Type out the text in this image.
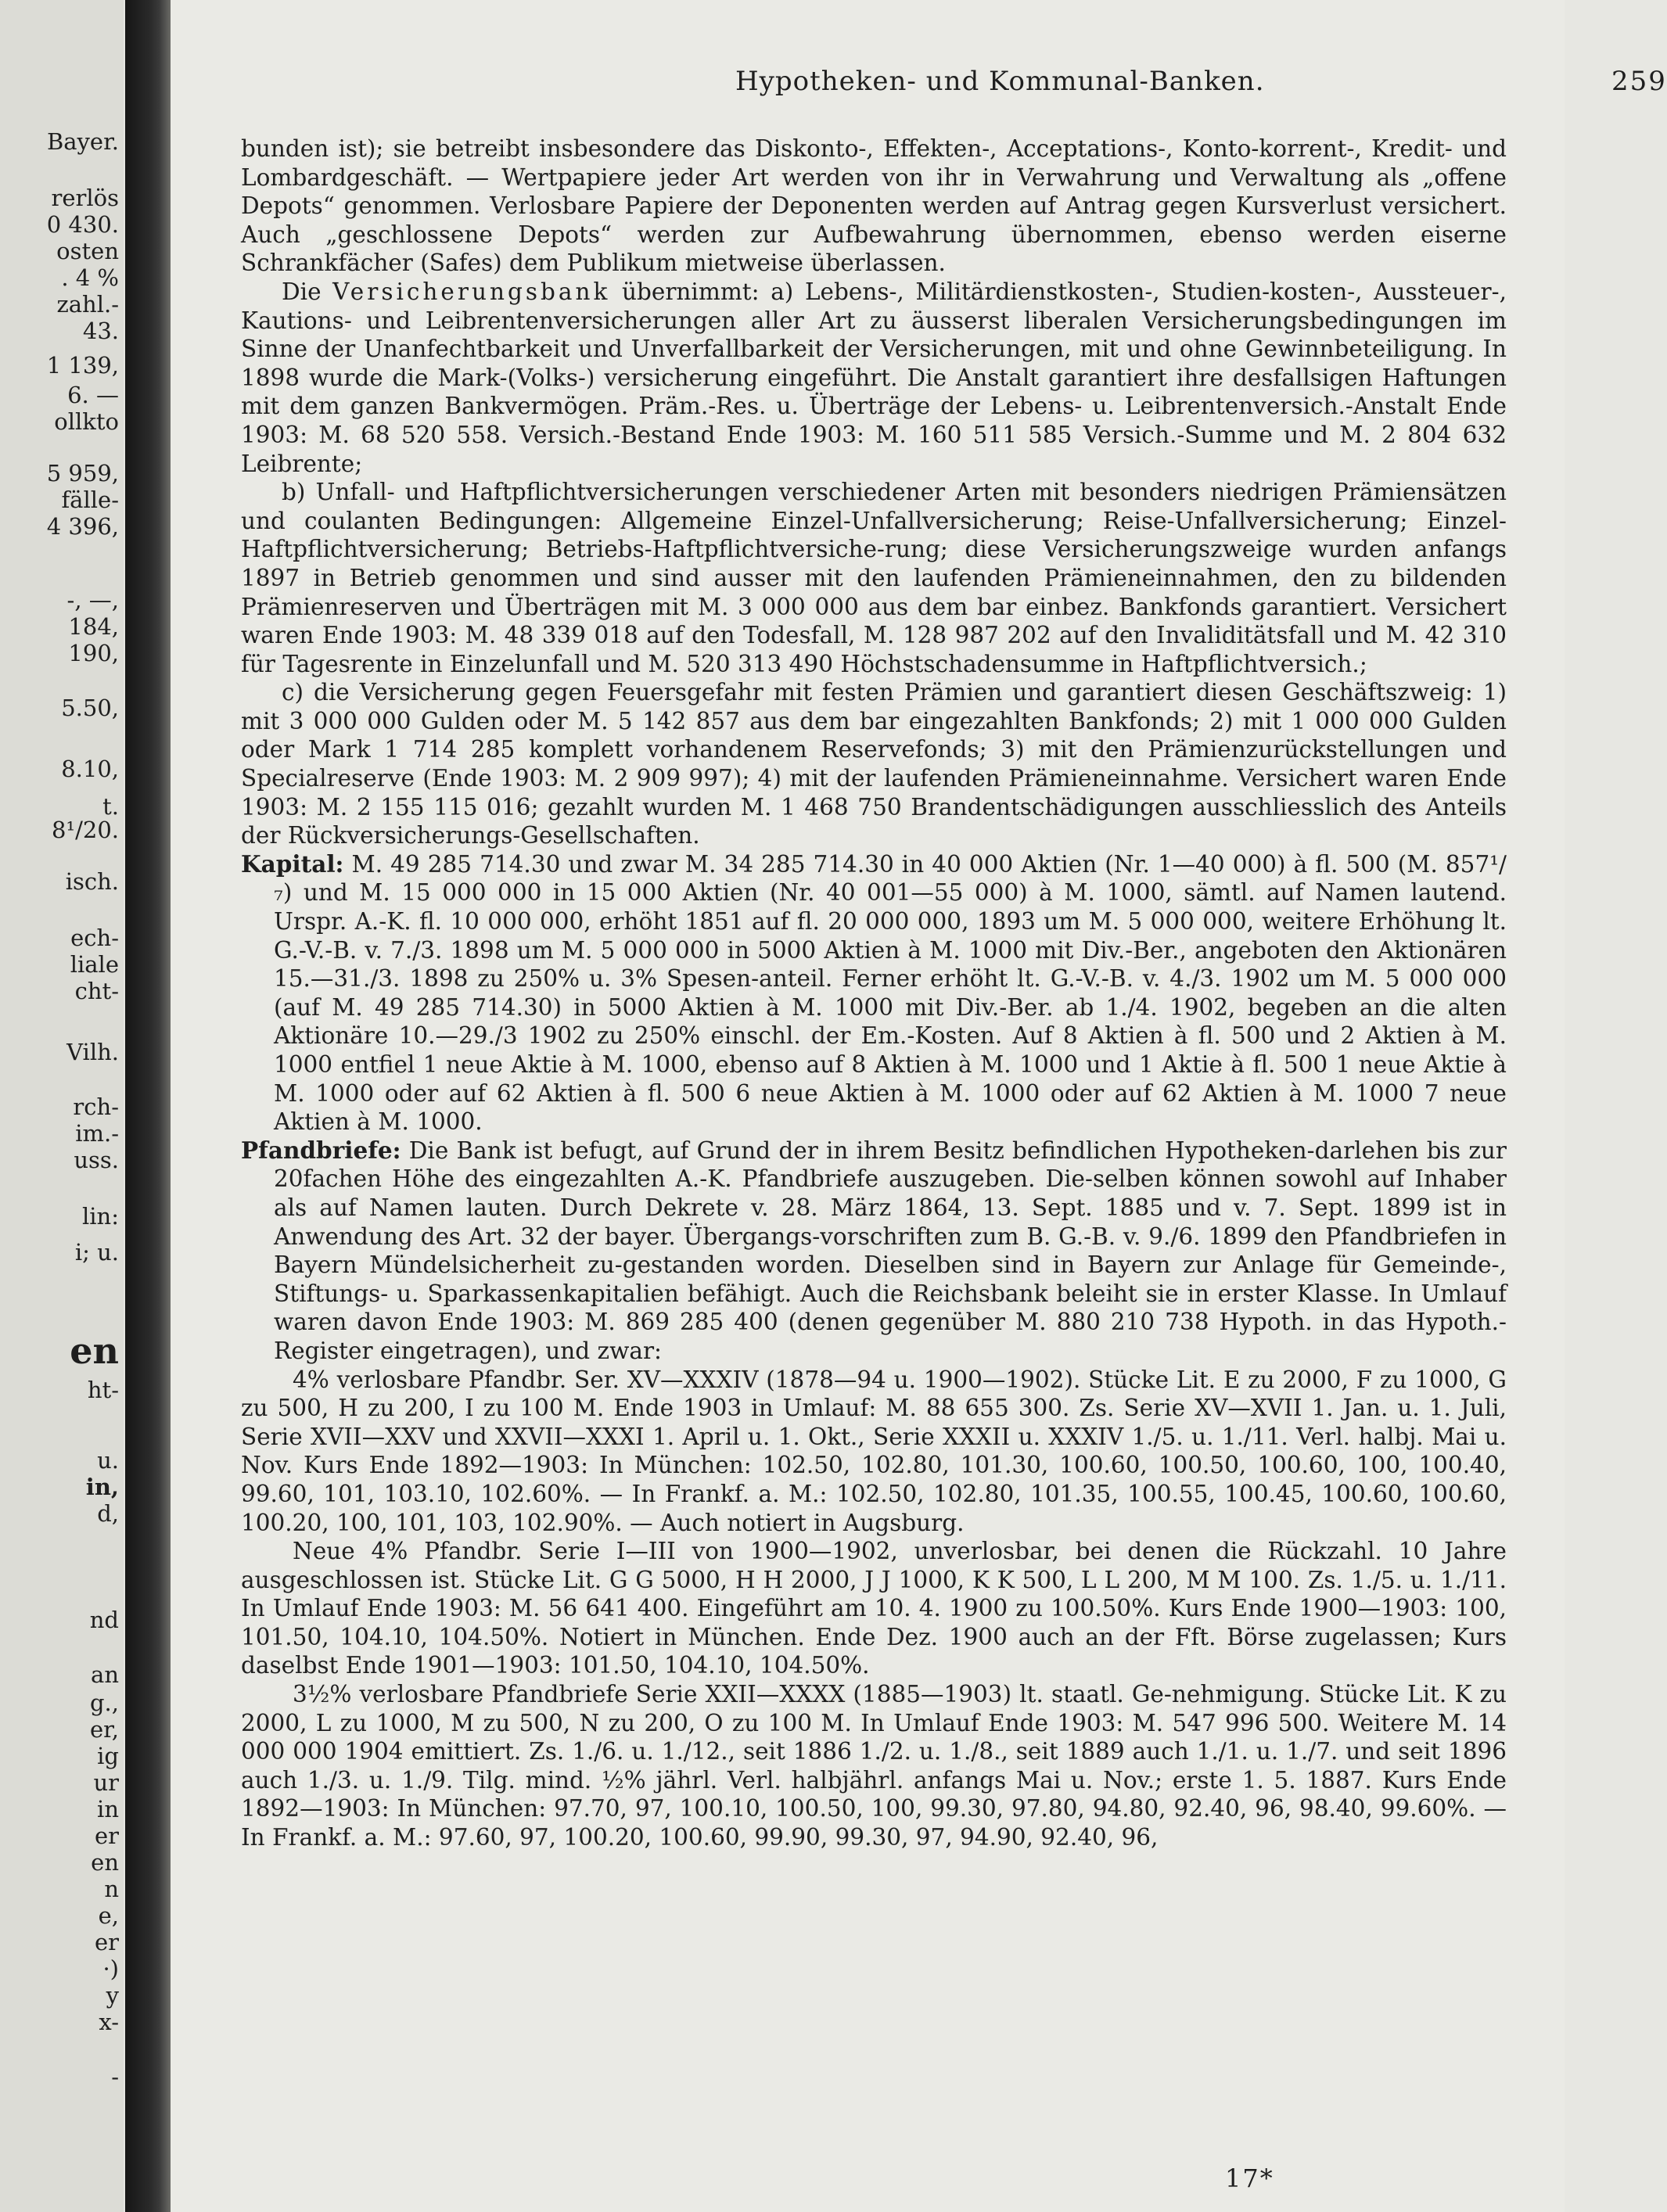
Bayer.
rerlös
0 430.
osten
. 4 %
zahl.-
43.
1 139,
6. —
ollkto
5 959,
fälle-
4 396,
-, —,
184,
190,
5.50,
8.10,
t.
8¹/20.
isch.
ech-
liale
cht-
Vilh.
rch-
im.-
uss.
lin:
i; u.
en
ht-
u.
in,
d,
nd
an
g.,
er,
ig
ur
in
er
en
n
e,
er
·)
y
x-
-
Hypotheken- und Kommunal-Banken.	259

bunden ist); sie betreibt insbesondere das Diskonto-, Effekten-, Acceptations-, Konto-korrent-, Kredit- und Lombardgeschäft. — Wertpapiere jeder Art werden von ihr in Verwahrung und Verwaltung als „offene Depots“ genommen. Verlosbare Papiere der Deponenten werden auf Antrag gegen Kursverlust versichert. Auch „geschlossene Depots“ werden zur Aufbewahrung übernommen, ebenso werden eiserne Schrankfächer (Safes) dem Publikum mietweise überlassen.

Die Versicherungsbank übernimmt: a) Lebens-, Militärdienstkosten-, Studien-kosten-, Aussteuer-, Kautions- und Leibrentenversicherungen aller Art zu äusserst liberalen Versicherungsbedingungen im Sinne der Unanfechtbarkeit und Unverfallbarkeit der Versicherungen, mit und ohne Gewinnbeteiligung. In 1898 wurde die Mark-(Volks-) versicherung eingeführt. Die Anstalt garantiert ihre desfallsigen Haftungen mit dem ganzen Bankvermögen. Präm.-Res. u. Überträge der Lebens- u. Leibrentenversich.-Anstalt Ende 1903: M. 68 520 558. Versich.-Bestand Ende 1903: M. 160 511 585 Versich.-Summe und M. 2 804 632 Leibrente;

b) Unfall- und Haftpflichtversicherungen verschiedener Arten mit besonders niedrigen Prämiensätzen und coulanten Bedingungen: Allgemeine Einzel-Unfallversicherung; Reise-Unfallversicherung; Einzel-Haftpflichtversicherung; Betriebs-Haftpflichtversiche-rung; diese Versicherungszweige wurden anfangs 1897 in Betrieb genommen und sind ausser mit den laufenden Prämieneinnahmen, den zu bildenden Prämienreserven und Überträgen mit M. 3 000 000 aus dem bar einbez. Bankfonds garantiert. Versichert waren Ende 1903: M. 48 339 018 auf den Todesfall, M. 128 987 202 auf den Invaliditätsfall und M. 42 310 für Tagesrente in Einzelunfall und M. 520 313 490 Höchstschadensumme in Haftpflichtversich.;

c) die Versicherung gegen Feuersgefahr mit festen Prämien und garantiert diesen Geschäftszweig: 1) mit 3 000 000 Gulden oder M. 5 142 857 aus dem bar eingezahlten Bankfonds; 2) mit 1 000 000 Gulden oder Mark 1 714 285 komplett vorhandenem Reservefonds; 3) mit den Prämienzurückstellungen und Specialreserve (Ende 1903: M. 2 909 997); 4) mit der laufenden Prämieneinnahme. Versichert waren Ende 1903: M. 2 155 115 016; gezahlt wurden M. 1 468 750 Brandentschädigungen ausschliesslich des Anteils der Rückversicherungs-Gesellschaften.

Kapital: M. 49 285 714.30 und zwar M. 34 285 714.30 in 40 000 Aktien (Nr. 1—40 000) à fl. 500 (M. 857¹/₇) und M. 15 000 000 in 15 000 Aktien (Nr. 40 001—55 000) à M. 1000, sämtl. auf Namen lautend. Urspr. A.-K. fl. 10 000 000, erhöht 1851 auf fl. 20 000 000, 1893 um M. 5 000 000, weitere Erhöhung lt. G.-V.-B. v. 7./3. 1898 um M. 5 000 000 in 5000 Aktien à M. 1000 mit Div.-Ber., angeboten den Aktionären 15.—31./3. 1898 zu 250% u. 3% Spesen-anteil. Ferner erhöht lt. G.-V.-B. v. 4./3. 1902 um M. 5 000 000 (auf M. 49 285 714.30) in 5000 Aktien à M. 1000 mit Div.-Ber. ab 1./4. 1902, begeben an die alten Aktionäre 10.—29./3 1902 zu 250% einschl. der Em.-Kosten. Auf 8 Aktien à fl. 500 und 2 Aktien à M. 1000 entfiel 1 neue Aktie à M. 1000, ebenso auf 8 Aktien à M. 1000 und 1 Aktie à fl. 500 1 neue Aktie à M. 1000 oder auf 62 Aktien à fl. 500 6 neue Aktien à M. 1000 oder auf 62 Aktien à M. 1000 7 neue Aktien à M. 1000.

Pfandbriefe: Die Bank ist befugt, auf Grund der in ihrem Besitz befindlichen Hypotheken-darlehen bis zur 20fachen Höhe des eingezahlten A.-K. Pfandbriefe auszugeben. Die-selben können sowohl auf Inhaber als auf Namen lauten. Durch Dekrete v. 28. März 1864, 13. Sept. 1885 und v. 7. Sept. 1899 ist in Anwendung des Art. 32 der bayer. Übergangs-vorschriften zum B. G.-B. v. 9./6. 1899 den Pfandbriefen in Bayern Mündelsicherheit zu-gestanden worden. Dieselben sind in Bayern zur Anlage für Gemeinde-, Stiftungs- u. Sparkassenkapitalien befähigt. Auch die Reichsbank beleiht sie in erster Klasse. In Umlauf waren davon Ende 1903: M. 869 285 400 (denen gegenüber M. 880 210 738 Hypoth. in das Hypoth.-Register eingetragen), und zwar:

4% verlosbare Pfandbr. Ser. XV—XXXIV (1878—94 u. 1900—1902). Stücke Lit. E zu 2000, F zu 1000, G zu 500, H zu 200, I zu 100 M. Ende 1903 in Umlauf: M. 88 655 300. Zs. Serie XV—XVII 1. Jan. u. 1. Juli, Serie XVII—XXV und XXVII—XXXI 1. April u. 1. Okt., Serie XXXII u. XXXIV 1./5. u. 1./11. Verl. halbj. Mai u. Nov. Kurs Ende 1892—1903: In München: 102.50, 102.80, 101.30, 100.60, 100.50, 100.60, 100, 100.40, 99.60, 101, 103.10, 102.60%. — In Frankf. a. M.: 102.50, 102.80, 101.35, 100.55, 100.45, 100.60, 100.60, 100.20, 100, 101, 103, 102.90%. — Auch notiert in Augsburg.

Neue 4% Pfandbr. Serie I—III von 1900—1902, unverlosbar, bei denen die Rückzahl. 10 Jahre ausgeschlossen ist. Stücke Lit. G G 5000, H H 2000, J J 1000, K K 500, L L 200, M M 100. Zs. 1./5. u. 1./11. In Umlauf Ende 1903: M. 56 641 400. Eingeführt am 10. 4. 1900 zu 100.50%. Kurs Ende 1900—1903: 100, 101.50, 104.10, 104.50%. Notiert in München. Ende Dez. 1900 auch an der Fft. Börse zugelassen; Kurs daselbst Ende 1901—1903: 101.50, 104.10, 104.50%.

3½% verlosbare Pfandbriefe Serie XXII—XXXX (1885—1903) lt. staatl. Ge-nehmigung. Stücke Lit. K zu 2000, L zu 1000, M zu 500, N zu 200, O zu 100 M. In Umlauf Ende 1903: M. 547 996 500. Weitere M. 14 000 000 1904 emittiert. Zs. 1./6. u. 1./12., seit 1886 1./2. u. 1./8., seit 1889 auch 1./1. u. 1./7. und seit 1896 auch 1./3. u. 1./9. Tilg. mind. ½% jährl. Verl. halbjährl. anfangs Mai u. Nov.; erste 1. 5. 1887. Kurs Ende 1892—1903: In München: 97.70, 97, 100.10, 100.50, 100, 99.30, 97.80, 94.80, 92.40, 96, 98.40, 99.60%. — In Frankf. a. M.: 97.60, 97, 100.20, 100.60, 99.90, 99.30, 97, 94.90, 92.40, 96,

17*
